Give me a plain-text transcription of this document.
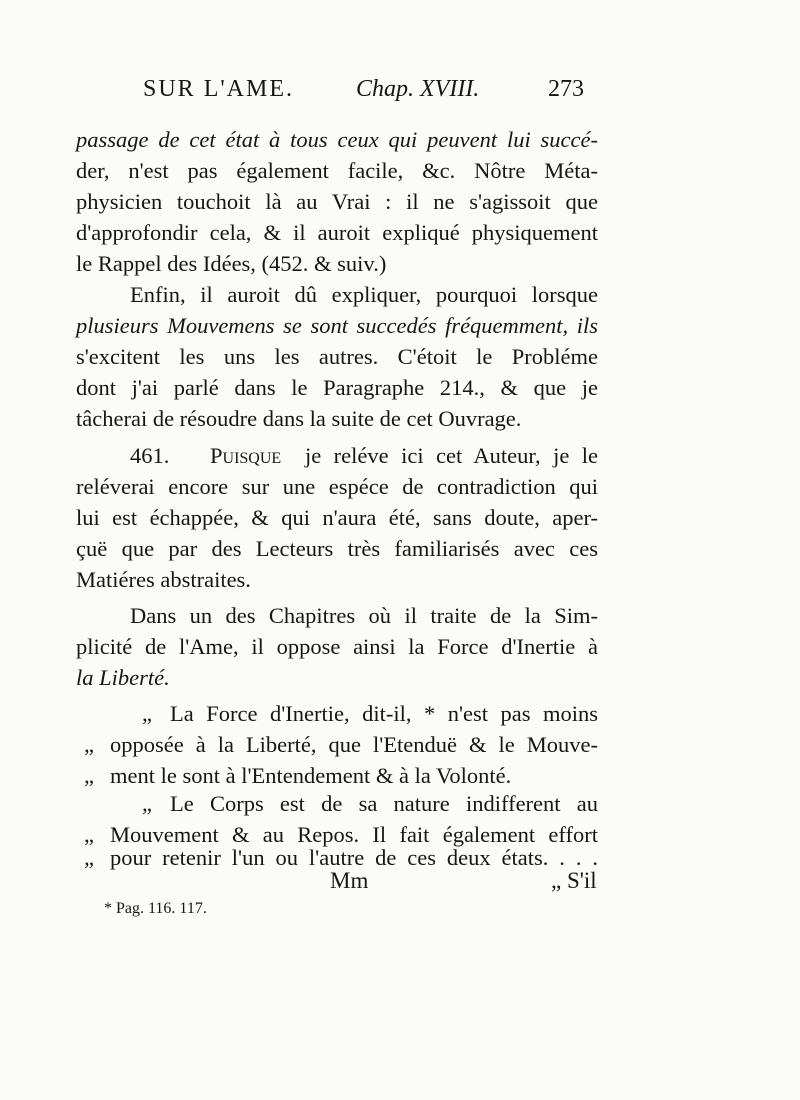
SUR L'AME.	Chap. XVIII.	273
passage de cet état à tous ceux qui peuvent lui succé-
der, n'est pas également facile, &c. Nôtre Méta-
physicien touchoit là au Vrai : il ne s'agissoit que
d'approfondir cela, & il auroit expliqué physiquement
le Rappel des Idées, (452. & suiv.)
Enfin, il auroit dû expliquer, pourquoi lorsque
plusieurs Mouvemens se sont succedés fréquemment, ils
s'excitent les uns les autres. C'étoit le Probléme
dont j'ai parlé dans le Paragraphe 214., & que je
tâcherai de résoudre dans la suite de cet Ouvrage.
461.	Puisque	je reléve ici cet Auteur, je le
reléverai encore sur une espéce de contradiction qui
lui est échappée, & qui n'aura été, sans doute, aper-
çuë que par des Lecteurs très familiarisés avec ces
Matiéres abstraites.
Dans un des Chapitres où il traite de la Sim-
plicité de l'Ame, il oppose ainsi la Force d'Inertie à
la Liberté.
„ La Force d'Inertie, dit-il, * n'est pas moins
„ opposée à la Liberté, que l'Etenduë & le Mouve-
„ ment le sont à l'Entendement & à la Volonté.
„ Le Corps est de sa nature indifferent au
„ Mouvement & au Repos. Il fait également effort
„ pour retenir l'un ou l'autre de ces deux états. . . .
Mm	„ S'il
* Pag. 116. 117.
